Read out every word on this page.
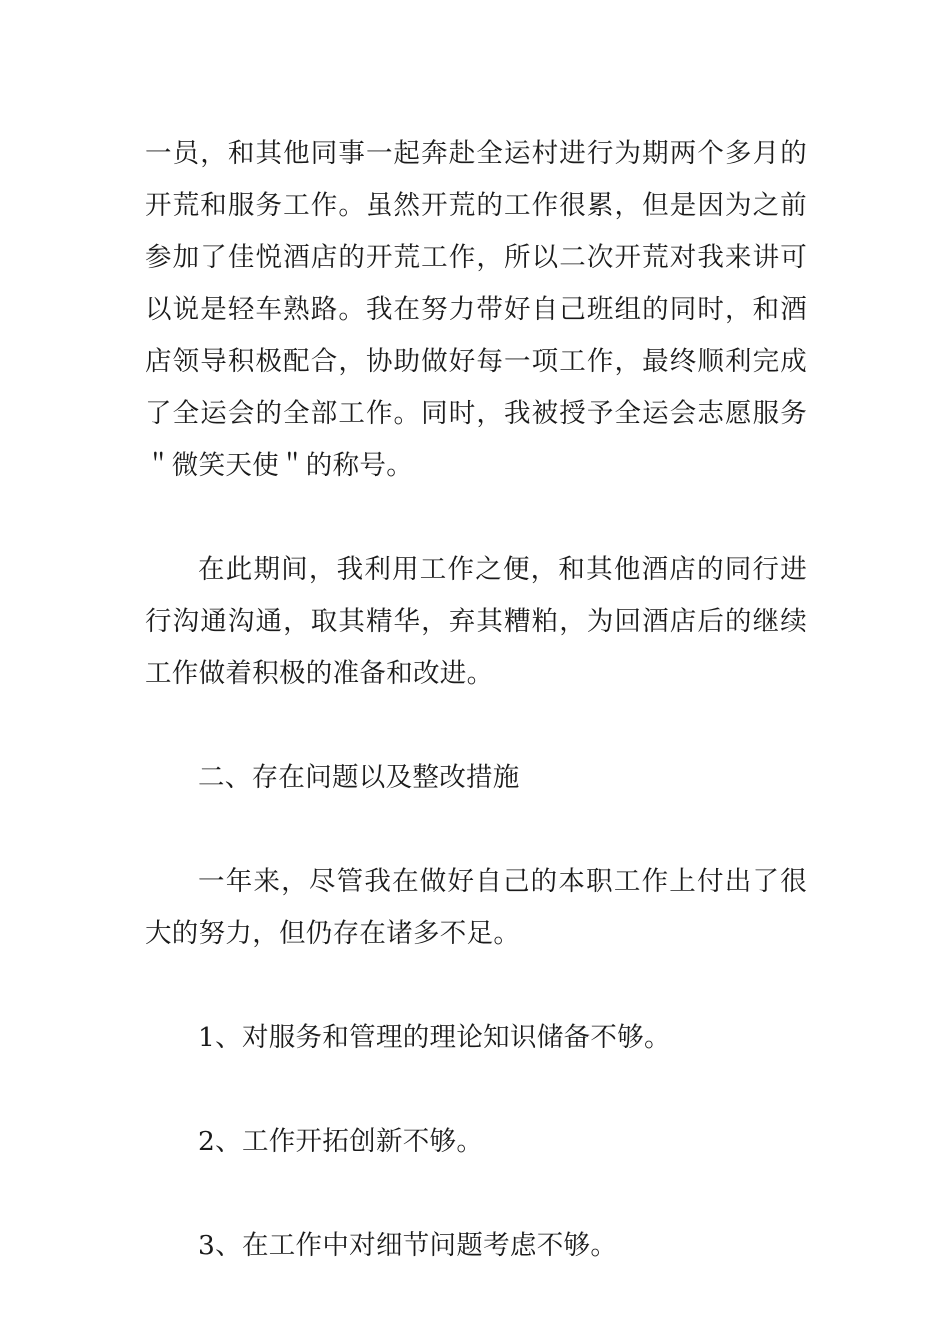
一员，和其他同事一起奔赴全运村进行为期两个多月的开荒和服务工作。虽然开荒的工作很累，但是因为之前参加了佳悦酒店的开荒工作，所以二次开荒对我来讲可以说是轻车熟路。我在努力带好自己班组的同时，和酒店领导积极配合，协助做好每一项工作，最终顺利完成了全运会的全部工作。同时，我被授予全运会志愿服务＂微笑天使＂的称号。

在此期间，我利用工作之便，和其他酒店的同行进行沟通沟通，取其精华，弃其糟粕，为回酒店后的继续工作做着积极的准备和改进。

二、存在问题以及整改措施

一年来，尽管我在做好自己的本职工作上付出了很大的努力，但仍存在诸多不足。

1、对服务和管理的理论知识储备不够。

2、工作开拓创新不够。

3、在工作中对细节问题考虑不够。
